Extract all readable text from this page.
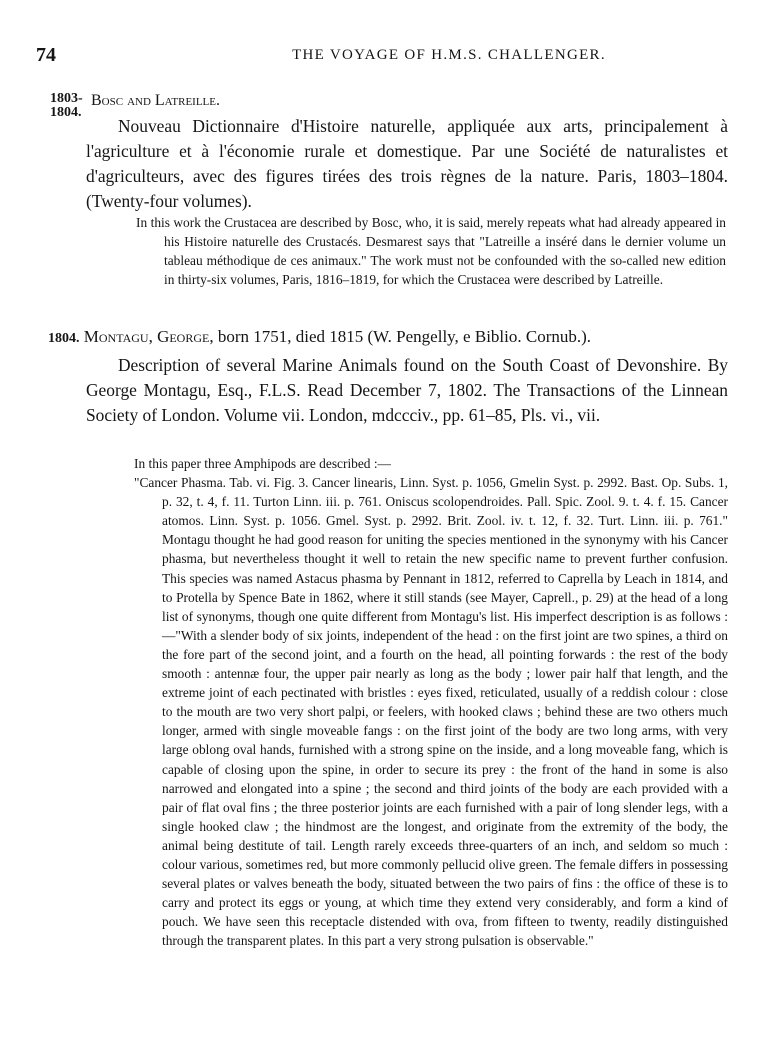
74	THE VOYAGE OF H.M.S. CHALLENGER.
1803-
1804.
Bosc and Latreille.

Nouveau Dictionnaire d'Histoire naturelle, appliquée aux arts, principalement à l'agriculture et à l'économie rurale et domestique. Par une Société de naturalistes et d'agriculteurs, avec des figures tirées des trois règnes de la nature. Paris, 1803–1804. (Twenty-four volumes).

In this work the Crustacea are described by Bosc, who, it is said, merely repeats what had already appeared in his Histoire naturelle des Crustacés. Desmarest says that "Latreille a inséré dans le dernier volume un tableau méthodique de ces animaux." The work must not be confounded with the so-called new edition in thirty-six volumes, Paris, 1816–1819, for which the Crustacea were described by Latreille.

1804. Montagu, George, born 1751, died 1815 (W. Pengelly, e Biblio. Cornub.).

Description of several Marine Animals found on the South Coast of Devonshire. By George Montagu, Esq., F.L.S. Read December 7, 1802. The Transactions of the Linnean Society of London. Volume vii. London, mdccciv., pp. 61–85, Pls. vi., vii.

In this paper three Amphipods are described :—

"Cancer Phasma. Tab. vi. Fig. 3. Cancer linearis, Linn. Syst. p. 1056, Gmelin Syst. p. 2992. Bast. Op. Subs. 1, p. 32, t. 4, f. 11. Turton Linn. iii. p. 761. Oniscus scolopendroides. Pall. Spic. Zool. 9. t. 4. f. 15. Cancer atomos. Linn. Syst. p. 1056. Gmel. Syst. p. 2992. Brit. Zool. iv. t. 12, f. 32. Turt. Linn. iii. p. 761." Montagu thought he had good reason for uniting the species mentioned in the synonymy with his Cancer phasma, but nevertheless thought it well to retain the new specific name to prevent further confusion. This species was named Astacus phasma by Pennant in 1812, referred to Caprella by Leach in 1814, and to Protella by Spence Bate in 1862, where it still stands (see Mayer, Caprell., p. 29) at the head of a long list of synonyms, though one quite different from Montagu's list. His imperfect description is as follows :—"With a slender body of six joints, independent of the head : on the first joint are two spines, a third on the fore part of the second joint, and a fourth on the head, all pointing forwards : the rest of the body smooth : antennæ four, the upper pair nearly as long as the body ; lower pair half that length, and the extreme joint of each pectinated with bristles : eyes fixed, reticulated, usually of a reddish colour : close to the mouth are two very short palpi, or feelers, with hooked claws ; behind these are two others much longer, armed with single moveable fangs : on the first joint of the body are two long arms, with very large oblong oval hands, furnished with a strong spine on the inside, and a long moveable fang, which is capable of closing upon the spine, in order to secure its prey : the front of the hand in some is also narrowed and elongated into a spine ; the second and third joints of the body are each provided with a pair of flat oval fins ; the three posterior joints are each furnished with a pair of long slender legs, with a single hooked claw ; the hindmost are the longest, and originate from the extremity of the body, the animal being destitute of tail. Length rarely exceeds three-quarters of an inch, and seldom so much : colour various, sometimes red, but more commonly pellucid olive green. The female differs in possessing several plates or valves beneath the body, situated between the two pairs of fins : the office of these is to carry and protect its eggs or young, at which time they extend very considerably, and form a kind of pouch. We have seen this receptacle distended with ova, from fifteen to twenty, readily distinguished through the transparent plates. In this part a very strong pulsation is observable."
